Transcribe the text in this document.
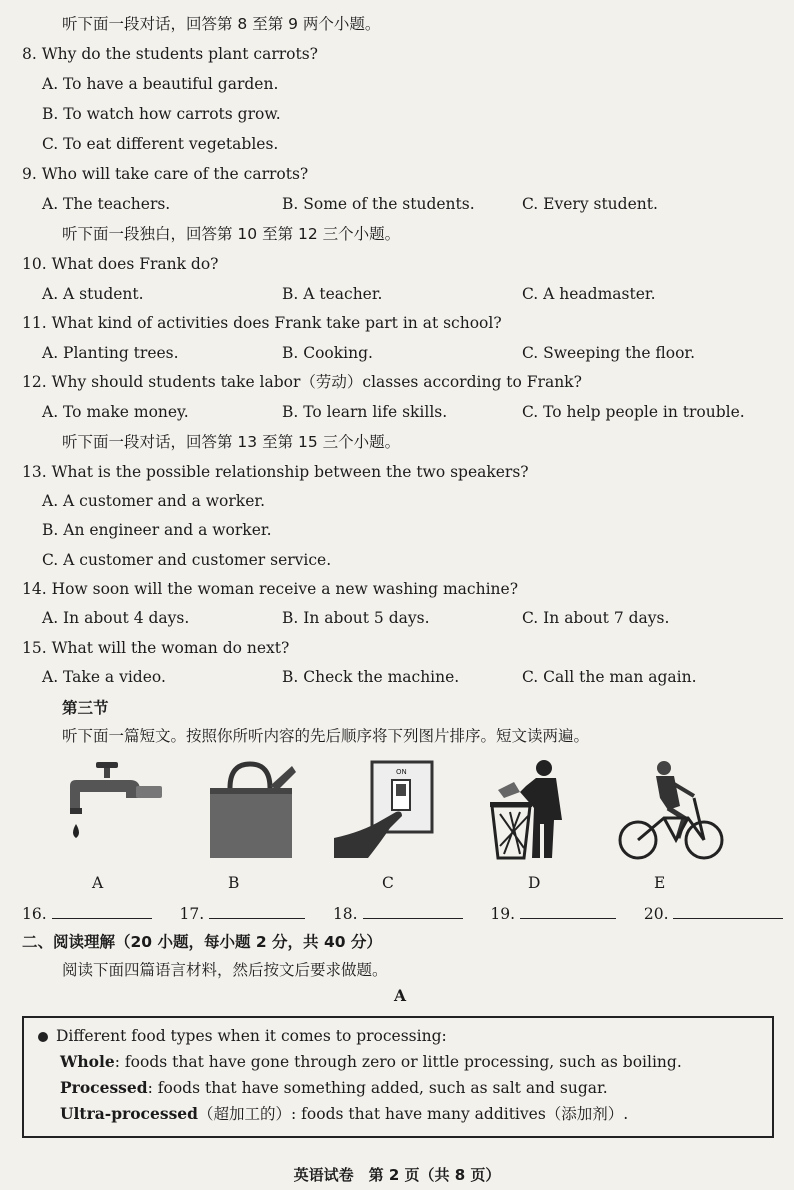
听下面一段对话，回答第 8 至第 9 两个小题。
8. Why do the students plant carrots?
A. To have a beautiful garden.
B. To watch how carrots grow.
C. To eat different vegetables.
9. Who will take care of the carrots?
A. The teachers.	B. Some of the students.	C. Every student.
听下面一段独白，回答第 10 至第 12 三个小题。
10. What does Frank do?
A. A student.	B. A teacher.	C. A headmaster.
11. What kind of activities does Frank take part in at school?
A. Planting trees.	B. Cooking.	C. Sweeping the floor.
12. Why should students take labor（劳动）classes according to Frank?
A. To make money.	B. To learn life skills.	C. To help people in trouble.
听下面一段对话，回答第 13 至第 15 三个小题。
13. What is the possible relationship between the two speakers?
A. A customer and a worker.
B. An engineer and a worker.
C. A customer and customer service.
14. How soon will the woman receive a new washing machine?
A. In about 4 days.	B. In about 5 days.	C. In about 7 days.
15. What will the woman do next?
A. Take a video.	B. Check the machine.	C. Call the man again.
第三节
听下面一篇短文。按照你所听内容的先后顺序将下列图片排序。短文读两遍。
ON
A	B	C	D	E
16.	17.	18.	19.	20.
二、阅读理解（20 小题，每小题 2 分，共 40 分）
阅读下面四篇语言材料，然后按文后要求做题。
A
Different food types when it comes to processing:
Whole: foods that have gone through zero or little processing, such as boiling.
Processed: foods that have something added, such as salt and sugar.
Ultra-processed（超加工的）: foods that have many additives（添加剂）.
英语试卷　第 2 页（共 8 页）
